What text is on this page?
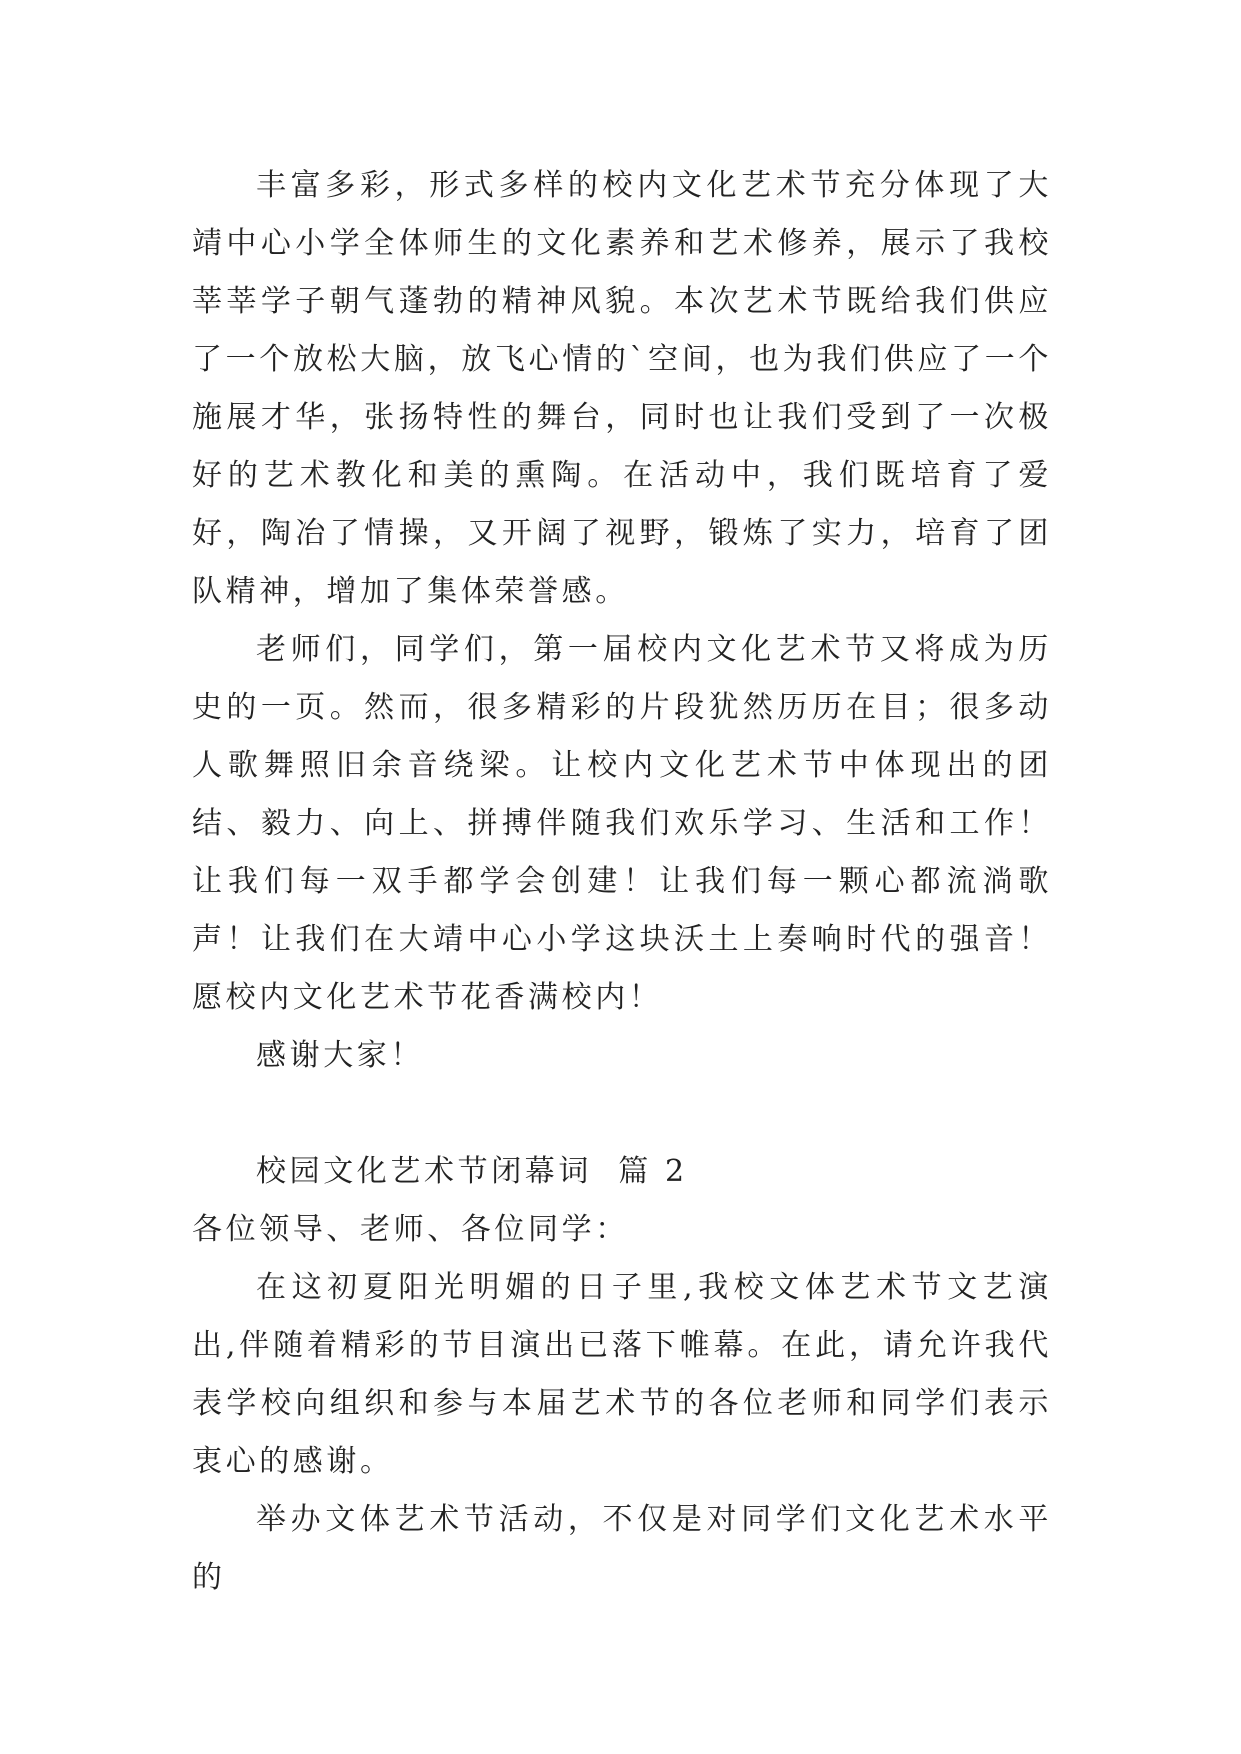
丰富多彩，形式多样的校内文化艺术节充分体现了大靖中心小学全体师生的文化素养和艺术修养，展示了我校莘莘学子朝气蓬勃的精神风貌。本次艺术节既给我们供应了一个放松大脑，放飞心情的`空间，也为我们供应了一个施展才华，张扬特性的舞台，同时也让我们受到了一次极好的艺术教化和美的熏陶。在活动中，我们既培育了爱好，陶冶了情操，又开阔了视野，锻炼了实力，培育了团队精神，增加了集体荣誉感。

老师们，同学们，第一届校内文化艺术节又将成为历史的一页。然而，很多精彩的片段犹然历历在目；很多动人歌舞照旧余音绕梁。让校内文化艺术节中体现出的团结、毅力、向上、拼搏伴随我们欢乐学习、生活和工作！让我们每一双手都学会创建！让我们每一颗心都流淌歌声！让我们在大靖中心小学这块沃土上奏响时代的强音！愿校内文化艺术节花香满校内！

感谢大家！

校园文化艺术节闭幕词  篇 2

各位领导、老师、各位同学：

在这初夏阳光明媚的日子里,我校文体艺术节文艺演出,伴随着精彩的节目演出已落下帷幕。在此，请允许我代表学校向组织和参与本届艺术节的各位老师和同学们表示衷心的感谢。

举办文体艺术节活动，不仅是对同学们文化艺术水平的
